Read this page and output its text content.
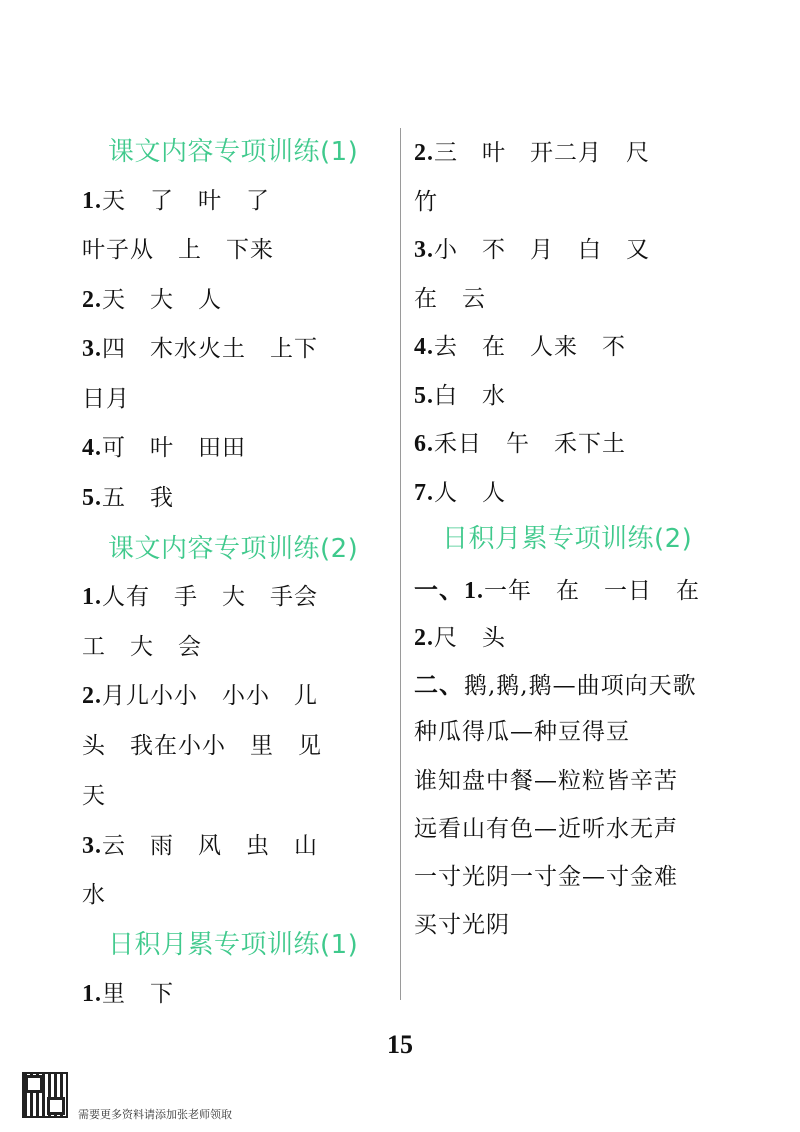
课文内容专项训练(1)
1.天　了　叶　了
叶子从　上　下来
2.天　大　人
3.四　木水火土　上下
日月
4.可　叶　田田
5.五　我
课文内容专项训练(2)
1.人有　手　大　手会
工　大　会
2.月儿小小　小小　儿
头　我在小小　里　见
天
3.云　雨　风　虫　山
水
日积月累专项训练(1)
1.里　下
2.三　叶　开二月　尺
竹
3.小　不　月　白　又
在　云
4.去　在　人来　不
5.白　水
6.禾日　午　禾下土
7.人　人
日积月累专项训练(2)
一、1.一年　在　一日　在
2.尺　头
二、鹅,鹅,鹅—曲项向天歌
种瓜得瓜—种豆得豆
谁知盘中餐—粒粒皆辛苦
远看山有色—近听水无声
一寸光阴一寸金—寸金难
买寸光阴
15
需要更多资料请添加张老师领取
